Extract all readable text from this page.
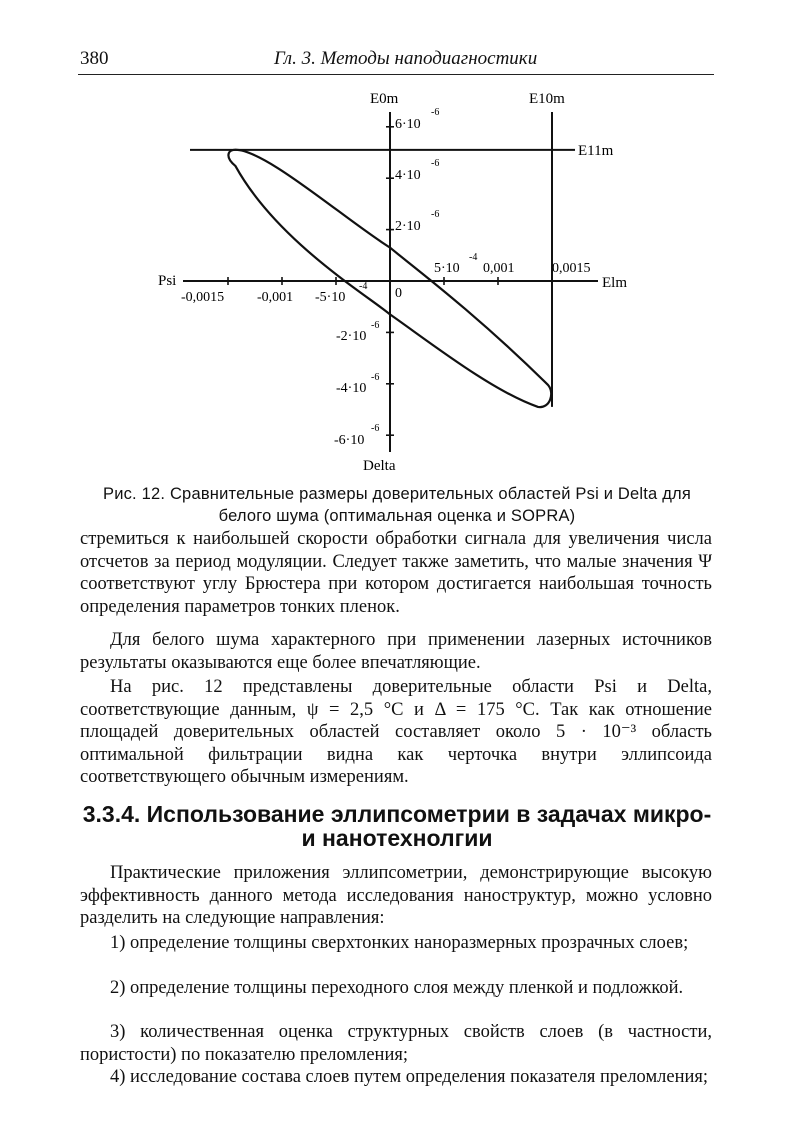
380	Гл. 3. Методы наnодиагностики
E0m	E10m
E11m
Elm
Psi
Delta
-0,0015 -0,001 -5·10
-4 0
5·10
-4
0,001	0,0015
6·10
-6
4·10
-6
2·10
-6
-2·10
-6
-4·10
-6
-6·10
-6
Рис. 12. Сравнительные размеры доверительных областей Psi и Delta для белого шума (оптимальная оценка и SOPRA)

стремиться к наибольшей скорости обработки сигнала для увеличения числа отсчетов за период модуляции. Следует также заметить, что малые значения Ψ соответствуют углу Брюстера при котором достигается наибольшая точность определения параметров тонких пленок.

Для белого шума характерного при применении лазерных источников результаты оказываются еще более впечатляющие.

На рис. 12 представлены доверительные области Psi и Delta, соответствующие данным, ψ = 2,5 °C и Δ = 175 °C. Так как отношение площадей доверительных областей составляет около 5 · 10⁻³ область оптимальной фильтрации видна как черточка внутри эллипсоида соответствующего обычным измерениям.

3.3.4. Использование эллипсометрии в задачах микро- и нанотехнолгии

Практические приложения эллипсометрии, демонстрирующие высокую эффективность данного метода исследования наноструктур, можно условно разделить на следующие направления:

1) определение толщины сверхтонких наноразмерных прозрачных слоев;

2) определение толщины переходного слоя между пленкой и подложкой.

3) количественная оценка структурных свойств слоев (в частности, пористости) по показателю преломления;

4) исследование состава слоев путем определения показателя преломления;
